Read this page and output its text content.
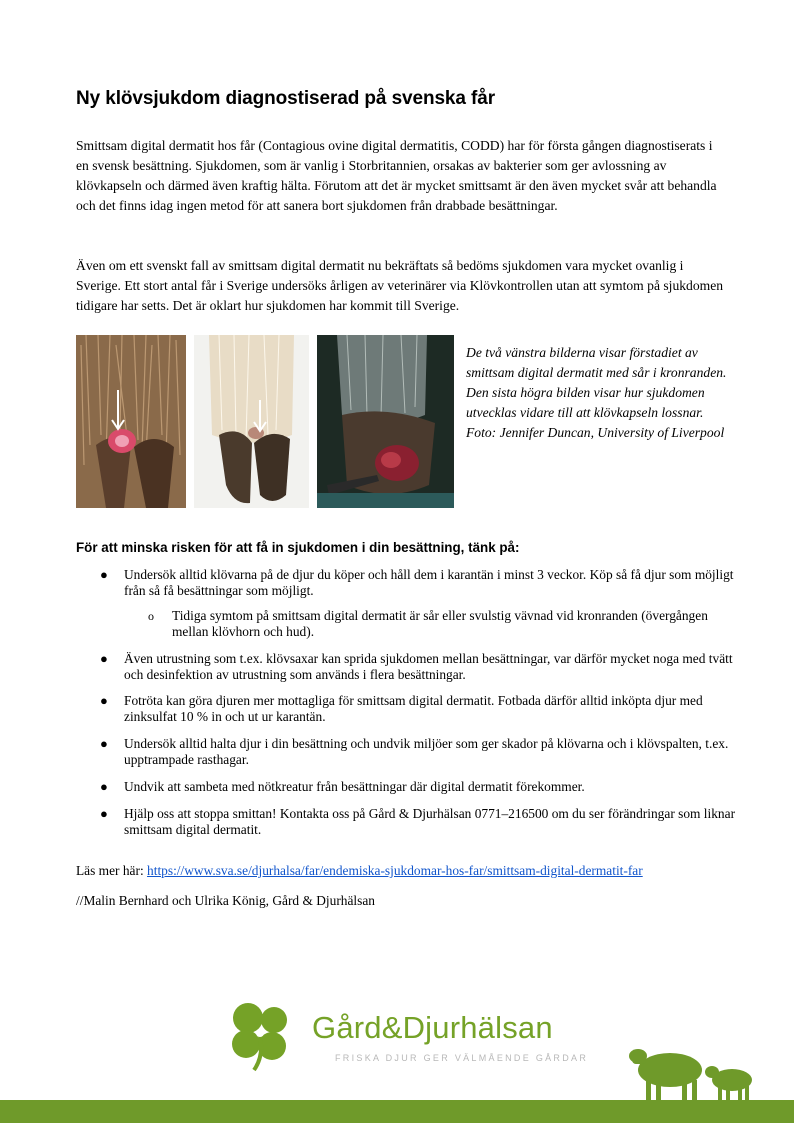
Ny klövsjukdom diagnostiserad på svenska får

Smittsam digital dermatit hos får (Contagious ovine digital dermatitis, CODD) har för första gången diagnostiserats i en svensk besättning. Sjukdomen, som är vanlig i Storbritannien, orsakas av bakterier som ger avlossning av klövkapseln och därmed även kraftig hälta. Förutom att det är mycket smittsamt är den även mycket svår att behandla och det finns idag ingen metod för att sanera bort sjukdomen från drabbade besättningar.

Även om ett svenskt fall av smittsam digital dermatit nu bekräftats så bedöms sjukdomen vara mycket ovanlig i Sverige. Ett stort antal får i Sverige undersöks årligen av veterinärer via Klövkontrollen utan att symtom på sjukdomen tidigare har setts. Det är oklart hur sjukdomen har kommit till Sverige.

De två vänstra bilderna visar förstadiet av smittsam digital dermatit med sår i kronranden. Den sista högra bilden visar hur sjukdomen utvecklas vidare till att klövkapseln lossnar.

Foto: Jennifer Duncan, University of Liverpool

För att minska risken för att få in sjukdomen i din besättning, tänk på:
● Undersök alltid klövarna på de djur du köper och håll dem i karantän i minst 3 veckor. Köp så få djur som möjligt från så få besättningar som möjligt.
o Tidiga symtom på smittsam digital dermatit är sår eller svulstig vävnad vid kronranden (övergången mellan klövhorn och hud).
● Även utrustning som t.ex. klövsaxar kan sprida sjukdomen mellan besättningar, var därför mycket noga med tvätt och desinfektion av utrustning som används i flera besättningar.
● Fotröta kan göra djuren mer mottagliga för smittsam digital dermatit. Fotbada därför alltid inköpta djur med zinksulfat 10 % in och ut ur karantän.
● Undersök alltid halta djur i din besättning och undvik miljöer som ger skador på klövarna och i klövspalten, t.ex. upptrampade rasthagar.
● Undvik att sambeta med nötkreatur från besättningar där digital dermatit förekommer.
● Hjälp oss att stoppa smittan! Kontakta oss på Gård & Djurhälsan 0771–216500 om du ser förändringar som liknar smittsam digital dermatit.
Läs mer här: https://www.sva.se/djurhalsa/far/endemiska-sjukdomar-hos-far/smittsam-digital-dermatit-far
//Malin Bernhard och Ulrika König, Gård & Djurhälsan
Gård&Djurhälsan
FRISKA DJUR GER VÄLMÅENDE GÅRDAR
